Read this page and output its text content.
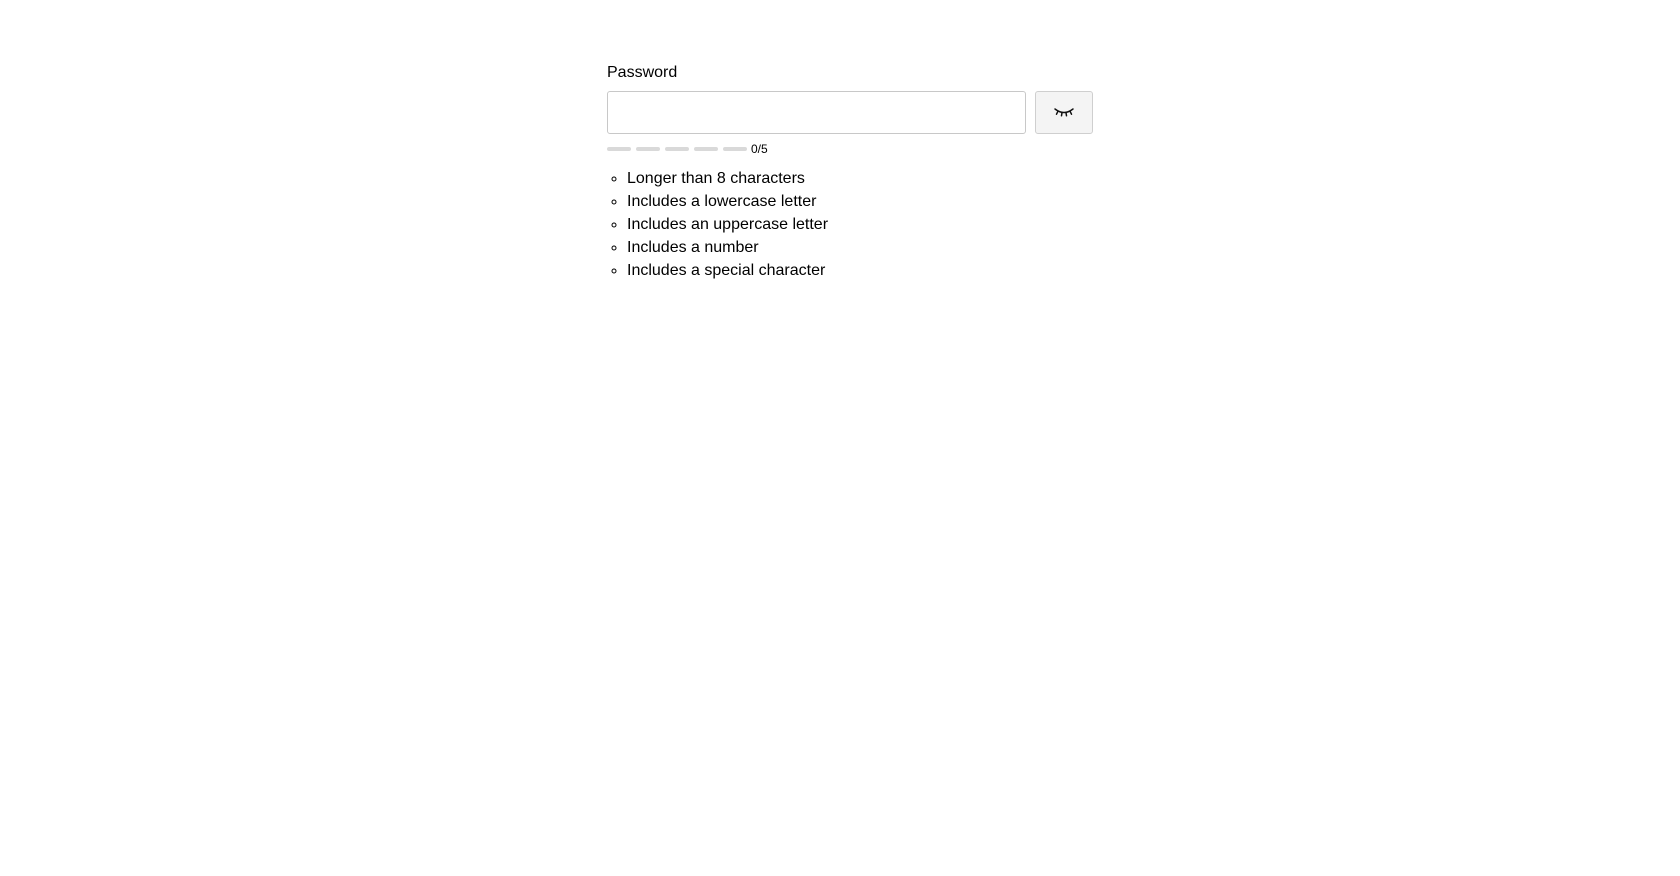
Password
0/5
◦ Longer than 8 characters
◦ Includes a lowercase letter
◦ Includes an uppercase letter
◦ Includes a number
◦ Includes a special character
